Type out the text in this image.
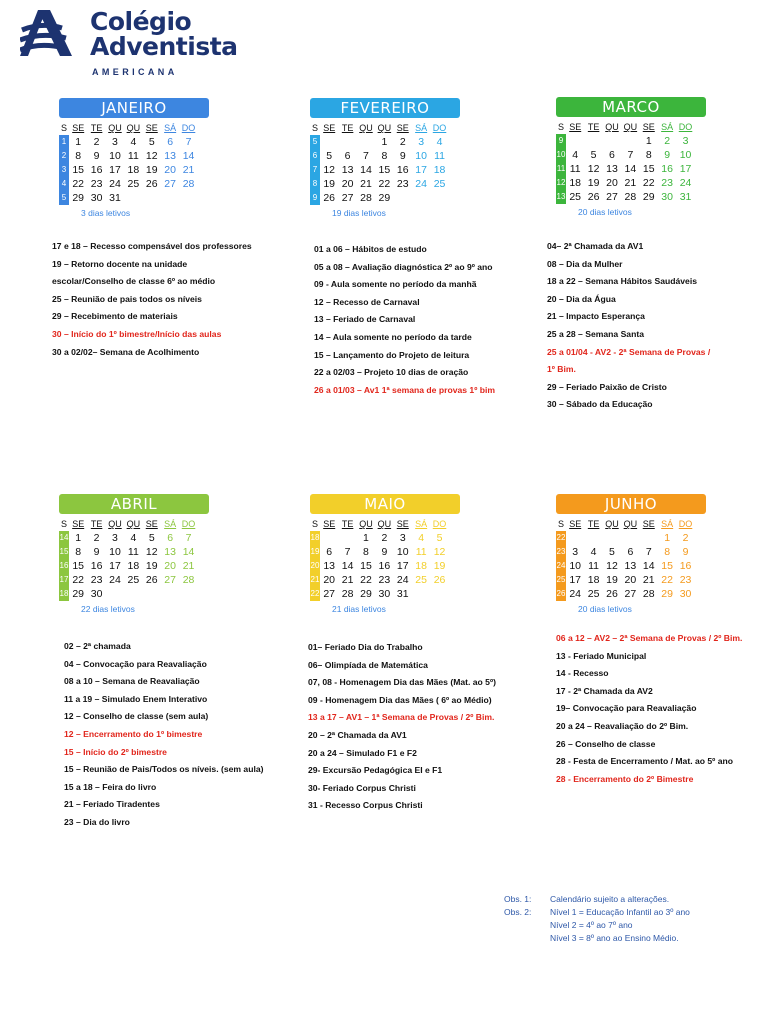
Colégio
Adventista
AMERICANA
JANEIRO
S	SE	TE	QU	QU	SE	SÁ	DO
1	1	2	3	4	5	6	7
2	8	9	10	11	12	13	14
3	15	16	17	18	19	20	21
4	22	23	24	25	26	27	28
5	29	30	31				
3 dias letivos
FEVEREIRO
S	SE	TE	QU	QU	SE	SÁ	DO
5				1	2	3	4
6	5	6	7	8	9	10	11
7	12	13	14	15	16	17	18
8	19	20	21	22	23	24	25
9	26	27	28	29			
19 dias letivos
MARCO
S	SE	TE	QU	QU	SE	SÁ	DO
9					1	2	3
10	4	5	6	7	8	9	10
11	11	12	13	14	15	16	17
12	18	19	20	21	22	23	24
13	25	26	27	28	29	30	31
20 dias letivos
ABRIL
S	SE	TE	QU	QU	SE	SÁ	DO
14	1	2	3	4	5	6	7
15	8	9	10	11	12	13	14
16	15	16	17	18	19	20	21
17	22	23	24	25	26	27	28
18	29	30					
22 dias letivos
MAIO
S	SE	TE	QU	QU	SE	SÁ	DO
18			1	2	3	4	5
19	6	7	8	9	10	11	12
20	13	14	15	16	17	18	19
21	20	21	22	23	24	25	26
22	27	28	29	30	31		
21 dias letivos
JUNHO
S	SE	TE	QU	QU	SE	SÁ	DO
22						1	2
23	3	4	5	6	7	8	9
24	10	11	12	13	14	15	16
25	17	18	19	20	21	22	23
26	24	25	26	27	28	29	30
20 dias letivos
17 e 18 – Recesso compensável dos professores
19 – Retorno docente na unidade
escolar/Conselho de classe 6º ao médio
25 – Reunião de pais todos os níveis
29 – Recebimento de materiais
30 – Início do 1º bimestre/Início das aulas
30 a 02/02– Semana de Acolhimento
01 a 06 – Hábitos de estudo
05 a 08 – Avaliação diagnóstica 2º ao 9º ano
09 - Aula somente no período da manhã
12 – Recesso de Carnaval
13 – Feriado de Carnaval
14 – Aula somente no período da tarde
15 – Lançamento do Projeto de leitura
22 a 02/03 – Projeto 10 dias de oração
26 a 01/03 – Av1 1ª semana de provas 1º bim
04– 2ª Chamada da AV1
08 – Dia da Mulher
18 a 22 – Semana Hábitos Saudáveis
20 – Dia da Água
21 – Impacto Esperança
25 a 28 – Semana Santa
25 a 01/04 - AV2 - 2ª Semana de Provas /
1º Bim.
29 – Feriado Paixão de Cristo
30 – Sábado da Educação
02 – 2ª chamada
04 – Convocação para Reavaliação
08 a 10 – Semana de Reavaliação
11 a 19 – Simulado Enem Interativo
12 – Conselho de classe (sem aula)
12 – Encerramento do 1º bimestre
15 – Início do 2º bimestre
15 – Reunião de Pais/Todos os níveis. (sem aula)
15 a 18 – Feira do livro
21 – Feriado Tiradentes
23 – Dia do livro
01– Feriado Dia do Trabalho
06– Olimpíada de Matemática
07, 08 - Homenagem Dia das Mães (Mat. ao 5º)
09 - Homenagem Dia das Mães ( 6º ao Médio)
13 a 17 – AV1 – 1ª Semana de Provas / 2º Bim.
20 – 2ª Chamada da AV1
20 a 24 – Simulado F1 e F2
29- Excursão Pedagógica EI e F1
30- Feriado Corpus Christi
31 - Recesso Corpus Christi
06 a 12 – AV2 – 2ª Semana de Provas / 2º Bim.
13 - Feriado Municipal
14 - Recesso
17 - 2ª Chamada da AV2
19– Convocação para Reavaliação
20 a 24 – Reavaliação do 2º Bim.
26 – Conselho de classe
28 - Festa de Encerramento / Mat. ao 5º ano
28 - Encerramento do 2º Bimestre
Obs. 1:	Calendário sujeito a alterações.
Obs. 2:	Nível 1 = Educação Infantil ao 3º ano
Nível 2 = 4º ao 7º ano
Nível 3 = 8º ano ao Ensino Médio.
